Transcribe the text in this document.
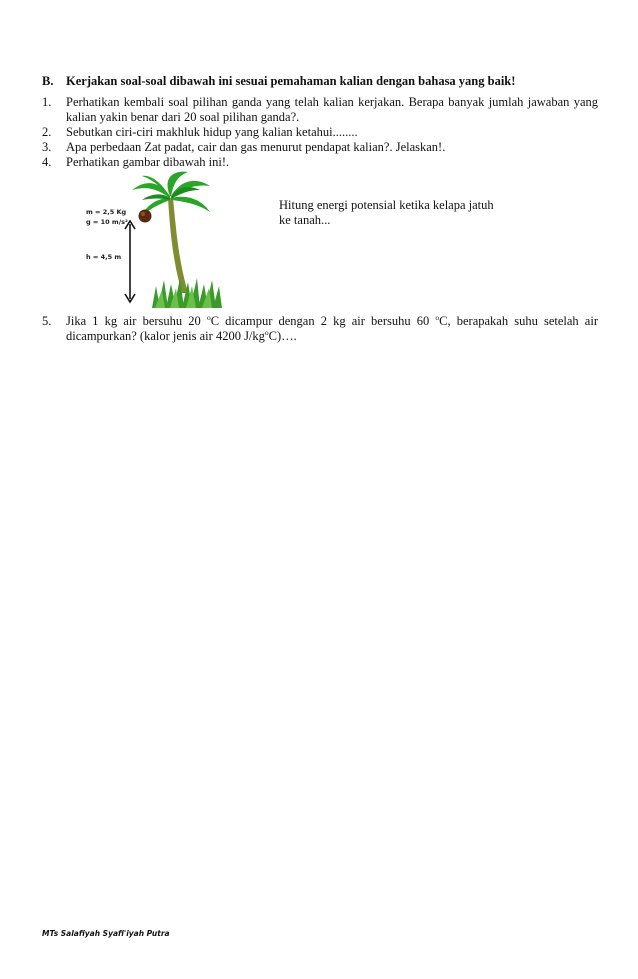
B. Kerjakan soal-soal dibawah ini sesuai pemahaman kalian dengan bahasa yang baik!
1.	Perhatikan kembali soal pilihan ganda yang telah kalian kerjakan. Berapa banyak jumlah jawaban yang kalian yakin benar dari 20 soal pilihan ganda?.
2.	Sebutkan ciri-ciri makhluk hidup yang kalian ketahui........
3.	Apa perbedaan Zat padat, cair dan gas menurut pendapat kalian?. Jelaskan!.
4.	Perhatikan gambar dibawah ini!.
m = 2,5 Kg
g = 10 m/s²
h = 4,5 m
Hitung energi potensial ketika kelapa jatuh ke tanah...
5.	Jika 1 kg air bersuhu 20 $^o$C dicampur dengan 2 kg air bersuhu 60 $^o$C, berapakah suhu setelah air dicampurkan? (kalor jenis air 4200 $J/kg^oC)\dots$.
MTs Salafiyah Syafi'iyah Putra
